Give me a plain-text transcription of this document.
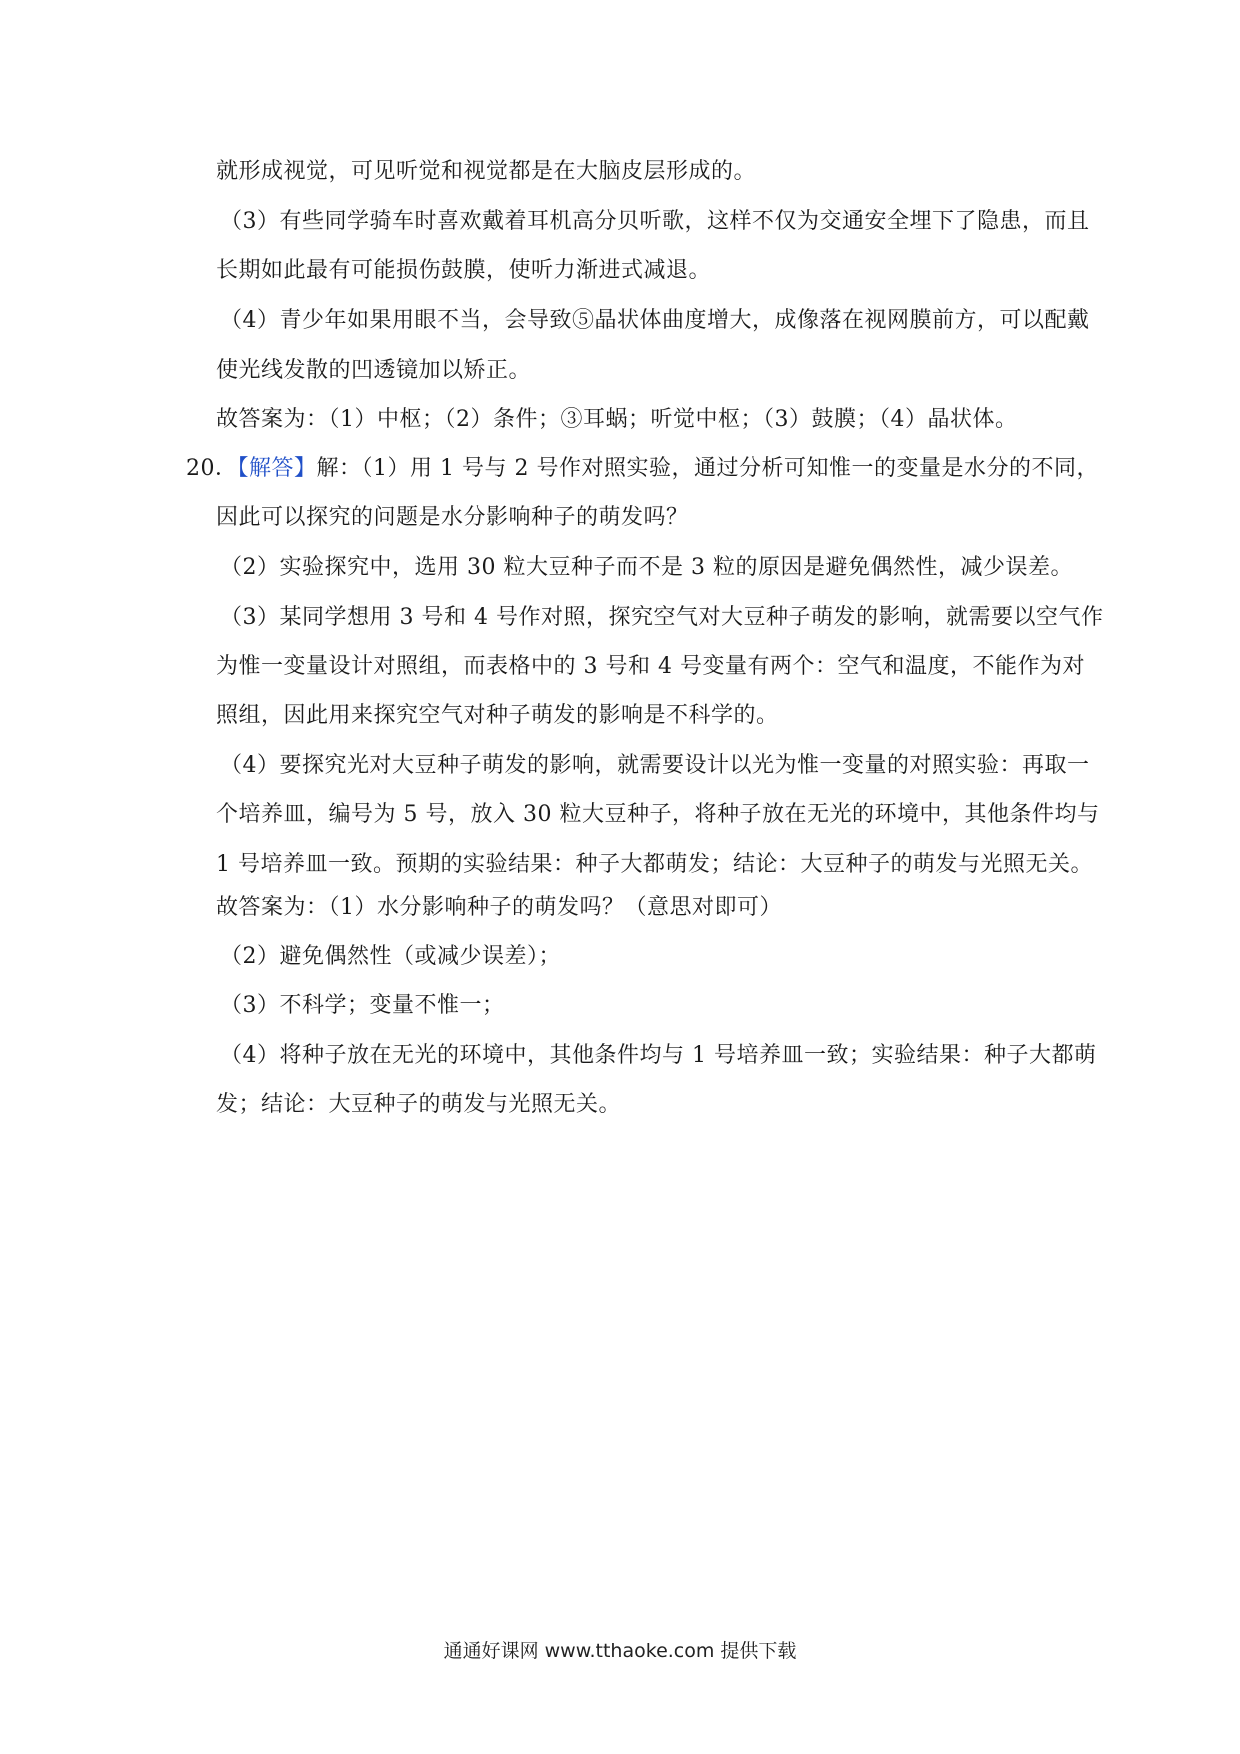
就形成视觉，可见听觉和视觉都是在大脑皮层形成的。
（3）有些同学骑车时喜欢戴着耳机高分贝听歌，这样不仅为交通安全埋下了隐患，而且
长期如此最有可能损伤鼓膜，使听力渐进式减退。
（4）青少年如果用眼不当，会导致⑤晶状体曲度增大，成像落在视网膜前方，可以配戴
使光线发散的凹透镜加以矫正。
故答案为：（1）中枢；（2）条件；③耳蜗；听觉中枢；（3）鼓膜；（4）晶状体。
20．【解答】解：（1）用 1 号与 2 号作对照实验，通过分析可知惟一的变量是水分的不同，
因此可以探究的问题是水分影响种子的萌发吗？
（2）实验探究中，选用 30 粒大豆种子而不是 3 粒的原因是避免偶然性，减少误差。
（3）某同学想用 3 号和 4 号作对照，探究空气对大豆种子萌发的影响，就需要以空气作
为惟一变量设计对照组，而表格中的 3 号和 4 号变量有两个：空气和温度，不能作为对
照组，因此用来探究空气对种子萌发的影响是不科学的。
（4）要探究光对大豆种子萌发的影响，就需要设计以光为惟一变量的对照实验：再取一
个培养皿，编号为 5 号，放入 30 粒大豆种子，将种子放在无光的环境中，其他条件均与
1 号培养皿一致。预期的实验结果：种子大都萌发；结论：大豆种子的萌发与光照无关。
故答案为：（1）水分影响种子的萌发吗？（意思对即可）
（2）避免偶然性（或减少误差）；
（3）不科学；变量不惟一；
（4）将种子放在无光的环境中，其他条件均与 1 号培养皿一致；实验结果：种子大都萌
发；结论：大豆种子的萌发与光照无关。
通通好课网 www.tthaoke.com 提供下载
